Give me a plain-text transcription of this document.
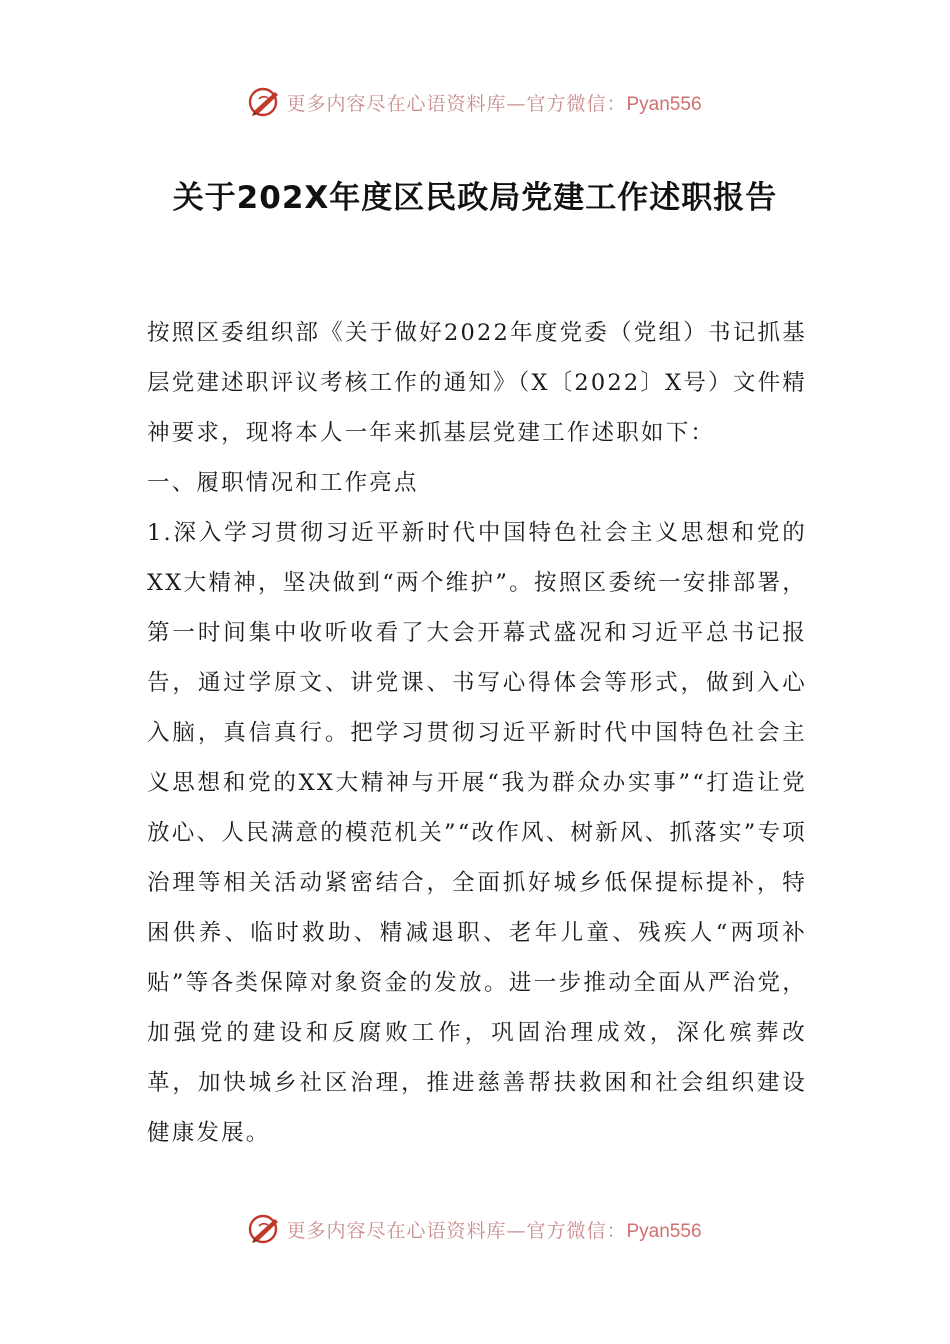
更多内容尽在心语资料库—官方微信：Pyan556
关于202X年度区民政局党建工作述职报告

按照区委组织部《关于做好2022年度党委（党组）书记抓基层党建述职评议考核工作的通知》（X〔2022〕X号）文件精神要求，现将本人一年来抓基层党建工作述职如下：

一、履职情况和工作亮点

1.深入学习贯彻习近平新时代中国特色社会主义思想和党的XX大精神，坚决做到“两个维护”。按照区委统一安排部署，第一时间集中收听收看了大会开幕式盛况和习近平总书记报告，通过学原文、讲党课、书写心得体会等形式，做到入心入脑，真信真行。把学习贯彻习近平新时代中国特色社会主义思想和党的XX大精神与开展“我为群众办实事”“打造让党放心、人民满意的模范机关”“改作风、树新风、抓落实”专项治理等相关活动紧密结合，全面抓好城乡低保提标提补，特困供养、临时救助、精减退职、老年儿童、残疾人“两项补贴”等各类保障对象资金的发放。进一步推动全面从严治党，加强党的建设和反腐败工作，巩固治理成效，深化殡葬改革，加快城乡社区治理，推进慈善帮扶救困和社会组织建设健康发展。

更多内容尽在心语资料库—官方微信：Pyan556
